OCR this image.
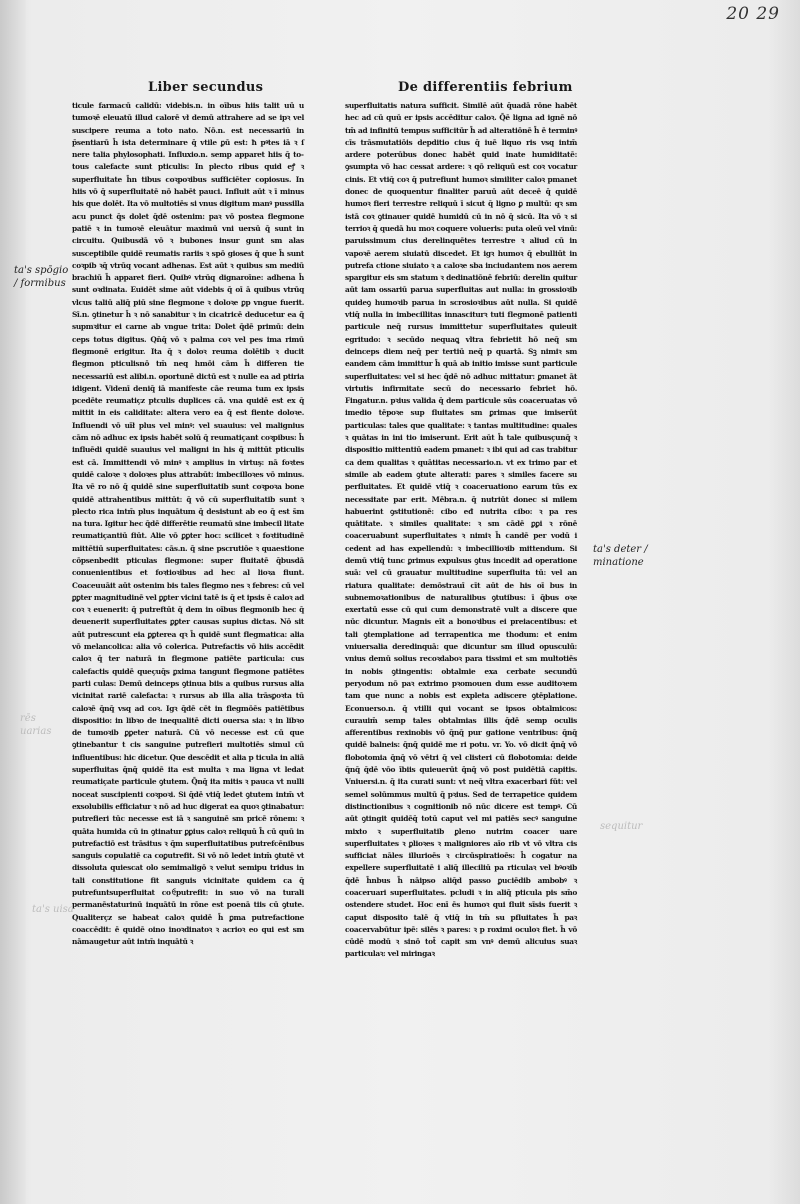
20 29
Liber secundus	De differentiis febrium

ticule farmacū calidū: videbis.n. in oībus hiis talit uū u tumoꝛē eleuatū illud calorē vł demū attrahere ad se ipꝛ vel suscipere reuma a toto nato. Nō.n. est necessariū in p̄sentiarū h̄ ista determinare q̄ vtile ꝑū est: ħ pꝰtes iā ꝛ ſ nere talia phylosophati. Influxio.n. semp apparet hiis q̄ totous calefacte sunt pticulis: In plecto ribus quid eꝭ ꝛ superfluitate h̄n tibus coꝛpoꝛibus sufficiēter copiosus. In hiis vō q̄ superfluitatē nō habēt pauci. Influit aūt ꝛ ī minus his que dolēt. Ita vō multotiēs si vnus digitum manꝰ pussilla acu punct q̄s dolet q̄dē ostenim: paꝛ vō postea flegmone patiē ꝛ in tumoꝛē eleuātur maximū vni uersū q̄ sunt in circuitu. Quibusdā vō ꝛ bubones insur gunt sm alas susceptibile quidē reumatis rariis ꝛ spō gioses q̄ que h̄ sunt coꝛpib ꝛq̄ vtrūq vocant adhenas. Est aūt ꝛ quibus sm mediū brachiū h̄ apparet fieri. Quibꝰ vtrūq dignaroīne: adhena h̄ sunt oꝛdinata. Euidēt sime aūt videbis q̄ oī ā quibus vtrūq vlcus taliū aliq̄ piū sine flegmone ꝛ doloꝛe ꝑp vngue fuerit. Sī.n. ꝯtinetur h̄ ꝛ nō sanabitur ꝛ in cicatricē deducetur ea q̄ supmꝛitur ei carne ab vngue trita: Dolet q̄dē primū: dein ceps totus digitus. Qn̄q̄ vō ꝛ palma coꝛ vel pes ima rimū flegmonē erigitur. Ita q̄ ꝛ doloꝛ reuma dolētib ꝛ ducit flegmon pticulisnō tm̄ neq hmōi cām h̄ differen tie necessariū est alibi.n. oportunē dictū est ꝛ nulle ea ad ptiria idigent. Videnī deniq̄ iā manifeste cāe reuma tum ex ipsis pcedēte reumatiçz ptculis duplices cā. vna quidē est ex q̄ mittit in eis caliditate: altera vero ea q̄ est fiente doloꝛe. Influendi vō uīł plus vel minꝰ: vel suauius: vel malignius cām nō adhuc ex ipsis habēt solū q̄ reumatiçant coꝛpibus: h̄ influēdi quidē suauius vel maligni in his q̄ mittūt pticulis est cā. Immittendi vō minꝰ ꝛ amplius in virtuş: nā foꝛtes quidē caloꝛe ꝛ doloꝛes plus attrabūt: imbecilloꝛes vō minus. Ita vē ro nō q̄ quidē sine superfluitatib sunt coꝛpoꝛa bone quidē attrahentibus mittūt: q̄ vō cū superfluitatib sunt ꝛ plecto rica intm̄ plus inquātum q̄ desistunt ab eo q̄ est s̄m na tura. Igitur hec q̄dē differētie reumatū sine imbecil litate reumatiçantiū fiūt. Alie vō ꝑꝑter hoc: scilicet ꝛ foꝛtitudinē mittētiū superfluitates: cās.n. q̄ sine pscrutiōe ꝛ quaestione cōpsenbedit pticulas flegmone: super fluitatē q̄busdā conuenientibus et foꝛtioꝛibus ad hec al lioꝛa fiunt. Coaceuuāit aūt ostenim bis tales flegmo nes ꝛ febres: cū vel ꝑꝑter magnitudinē vel ꝑꝑter vicini tatē is q̄ et ipsis ē caloꝛ ad coꝛ ꝛ euenerit: q̄ putreftūt q̄ dem in oībus flegmonib hec q̄ deuenerit superfluitates ꝑꝑter causas supius dictas. Nō sit aūt putrescunt eia ꝑꝑterea qꝛ h̄ quidē sunt flegmatica: alia vō melancolica: alia vō colerica. Putrefactis vō hiis accēdit caloꝛ q̄ ter naturā in flegmone patiēte particula: cus calefactis quidē queçuq̄s ꝑxima tangunt flegmone patiētes parti culas: Demū deinceps ꝯtinua biis a quibus rursus alia vicinitat rariē calefacta: ꝛ rursus ab illa alia trāsꝑoꝛta tū caloꝛē q̄nq̄ vsq ad coꝛ. Igꝛ q̄dē cēt in flegmōēs patiētibus dispositio: in libꝛo de inequalitē dicti ouersa sia: ꝛ in libꝛo de tumoꝛib ꝑꝑeter naturā. Cū vō necesse est cū que ꝯtinebantur t cis sanguine putrefieri multotiēs simul cū influentibus: hic dicetur. Que descēdit et alia p ticula in aliā superfluitas q̄nq̄ quidē ita est multa ꝛ ma ligna vt ledat reumatiçate particule ꝯtutem. Q̄nq̄ ita mitis ꝛ pauca vt nulli noceat suscipienti coꝛpoꝛi. Si q̄dē vtiq̄ ledet ꝯtutem intm̄ vt exsolubilis efficiatur ꝛ nō ad huc digerat ea quoꝛ ꝯtinabatur: putrefieri tūc necesse est iā ꝛ sanguinē sm pricē rōnem: ꝛ quāta humida cū in ꝯtinatur ꝑꝑius caloꝛ reliquū h̄ cū quū in putrefactiō est trāsitus ꝛ q̄m superfluitatibus putrefcēnibus sanguis copulatiē ca coꝑutrefit. Si vō nō ledet intm̄ ꝯtutē vt dissoluta quiescat olo semimaligō ꝛ velut semipu tridus in tali constitutione fit sanguis vicinitate quidem ca q̄ putrefuntsuperfluitat coꑁputrefit: in suo vō na turali permanēstaturinū inquātū in rōne est poenā tiis cū ꝯtute. Qualiterçz se habeat caloꝛ quidē h̄ ꝑma putrefactione coaccēdit: ē quidē oino inoꝛdinatoꝛ ꝛ acrioꝛ eo qui est sm nāmaugetur aūt intm̄ inquātū ꝛ

superfluitatis natura sufficit. Similē aūt q̄uadā rōne habēt hec ad cū quū er ipsis accēditur caloꝛ. Q̄ē ligna ad ignē nō tm̄ ad infinitū tempus sufficitūr h̄ ad alteratiōnē h̄ ē terminꝰ cīs trāsmutatiōis depditio cius q̄ iuē liquo ris vsq intm̄ ardere poterūbus donec habēt quid inate humiditatē: ꝯsumpta vō hac cessat ardere: ꝛ qō reliquū est coꝛ vocatur cinis. Et vtiq̄ coꝛ q̄ putrefiunt humoꝛ similiter caloꝛ pmanet donec de quoquentur finaliter paruū aūt deceē q̄ quidē humoꝛ fieri terrestre reliquū ī sicut q̄ ligno ꝑ multū: qꝛ sm istā coꝛ ꝯtinauer quidē humidū cū in nō q̄ sicū. Ita vō ꝛ si terrioꝛ q̄ quedā hu moꝛ coquere volueris: puta oleū vel vinū: paruissimum cius derelinquētes terrestre ꝛ aliud cū in vapoꝛē aerem siuiatū discedet. Et igꝛ humoꝛ q̄ ebulliūt in putrefa ctione siuiato ꝛ a caloꝛe sba inciudantem nos aerem spargitur eis sm statum ꝛ dedinatiōnē febriū: derelin quitur aūt iam ossariū parua superfluitas aut nulla: in grossioꝛib quideꝯ humoꝛib parua in scrosioꝛibus aūt nulla. Si quidē vtiq̄ nulla in imbecillitas innasciturꝛ tuti flegmonē patienti particule neq̄ rursus immittetur superfluitates quieuit egritudo: ꝛ secūdo nequaꝗ vltra febrietit hō neq̄ sm deinceps diem neq̄ per tertiū neq̄ p quartā. Sꝫ nimiꝛ sm eandem cām immittur h̄ quā ab initio imisse sunt particule superfluitates: vel si hec q̄dē nō adhuc mittatur: ꝑmanet āt virtutis infirmitate secū do necessario febriet hō. Fingatur.n. pꝛius valida q̄ dem particule sūs coaceruatas vō imedio tēpoꝛe sup fluitates sm ꝑrimas que imiserūt particulas: tales que qualitate: ꝛ tantas multitudine: quales ꝛ quātas in ini tio imiserunt. Erit aūt h̄ tale quibusçunq̄ ꝛ dispositio mittentiū eadem pmanet: ꝛ ibi qui ad cas trabitur ca dem qualitas ꝛ quātitas necessario.n. vt ex trimo par et simile ab eadem ꝯtute alterati: pares ꝛ similes facere su perfluitates. Et quidē vtiq̄ ꝛ coaceruationo earum tūs ex necessitate par erit. Mēbra.n. q̄ nutriūt donec si milem habuerint ꝯstitutionē: cibo eđ nutrita cibo: ꝛ pa res quātitate. ꝛ similes qualitate: ꝛ sm cādē ꝑꝑi ꝛ rōnē coaceruabunt superfluitates ꝛ nimiꝛ h̄ candē per vodū i cedent ad has expellendū: ꝛ imbecillioꝛib mittendum. Si demū vtiq̄ tunc ꝑrimus expulsus ꝯtus incedit ad operatione suā: vel cū grauatur multitudine superfluita tū: vel an riatura qualitate: demōstrauī cīt aūt de his oī bus in subnemoꝛationibus de naturalibus ꝯtutibus: ī q̄bus oꝛe exertatū esse cū qui cum demonstratē vult a discere que nūc dicuntur. Magnis eīt a bonoꝛibus ei preiacentibus: et tali ꝯtemplatione ad terrapentica me thodum: et enim vniuersalia deredinquā: que dicuntur sm illud opusculū: vnius demū solius recoꝛdaboꝛ para tissimi et sm multotiēs in nobis ꝯtingentis: obtalmie exa cerbate secundū peryodum nō paꝛ extrimo pꝛomouen dum esse auditoꝛem tam que nunc a nobis est expleta adiscere ꝯtēplatione. Econuerso.n. q̄ vtilli qui vocant se ipsos obtalmicos: curauim̄ semp tales obtalmias illis q̄dē semp oculis afferentibus rexinobis vō q̄nq̄ pur gatione ventribus: q̄nq̄ quidē balneis: q̄nq̄ quidē me ri potu. vr. Yo. vō dicit q̄nq̄ vō flobotomia q̄nq̄ vō vētri q̄ vel clisteri cū flobotomia: deide q̄nq̄ q̄dē vōo ībiis quieuerūt q̄nq̄ vō post puidētiā capitis. Vniuersi.n. q̄ ita curati sunt: vt neq̄ vltra exacerbari fūt: vel semel solūmmus multū q̄ pꝛius. Sed de terrapetice quidem distinctionibus ꝛ cognitionib nō nūc dicere est tempꝰ. Cū aūt ꝯtingit quidēq̄ totū caput vel mi patiēs secꝰ sanguine mixto ꝛ superfluitatib ꝑleno nutrim coacer uare superfluitates ꝛ ꝑlioꝛes ꝛ maligniores aīo rib vt vō vltra cis sufficiat nāles illurioēs ꝛ circūspiratioēs: h̄ cogatur na expellere superfluitatē i aliq̄ illeciliū pa rticulaꝛ vel bꝰoꝛib q̄dē h̄nbus h̄ nāipso aliq̄d passo ꝑuciēdib ambobꝰ ꝛ coaceruari superfluitates. pcludi ꝛ in aliq̄ pticula pis sm̄o ostendere studet. Hoc enī ēs humoꝛ qui fluit sīsis fuerit ꝛ caput disposito talē q̄ vtiq̄ in tm̄ su pfluitates h̄ paꝛ coacervabūtur ipē: silēs ꝛ pares: ꝛ p roximi oculoꝛ fiet. h̄ vō cūdē modū ꝛ sinō tot̄ capit sm vnꝰ demū alicuius suaꝛ particulaꝛ: vel miringaꝛ

ta's spōgio / formibus
ta's deter / minatione
rēs uarias
ta's uisa
sequitur
